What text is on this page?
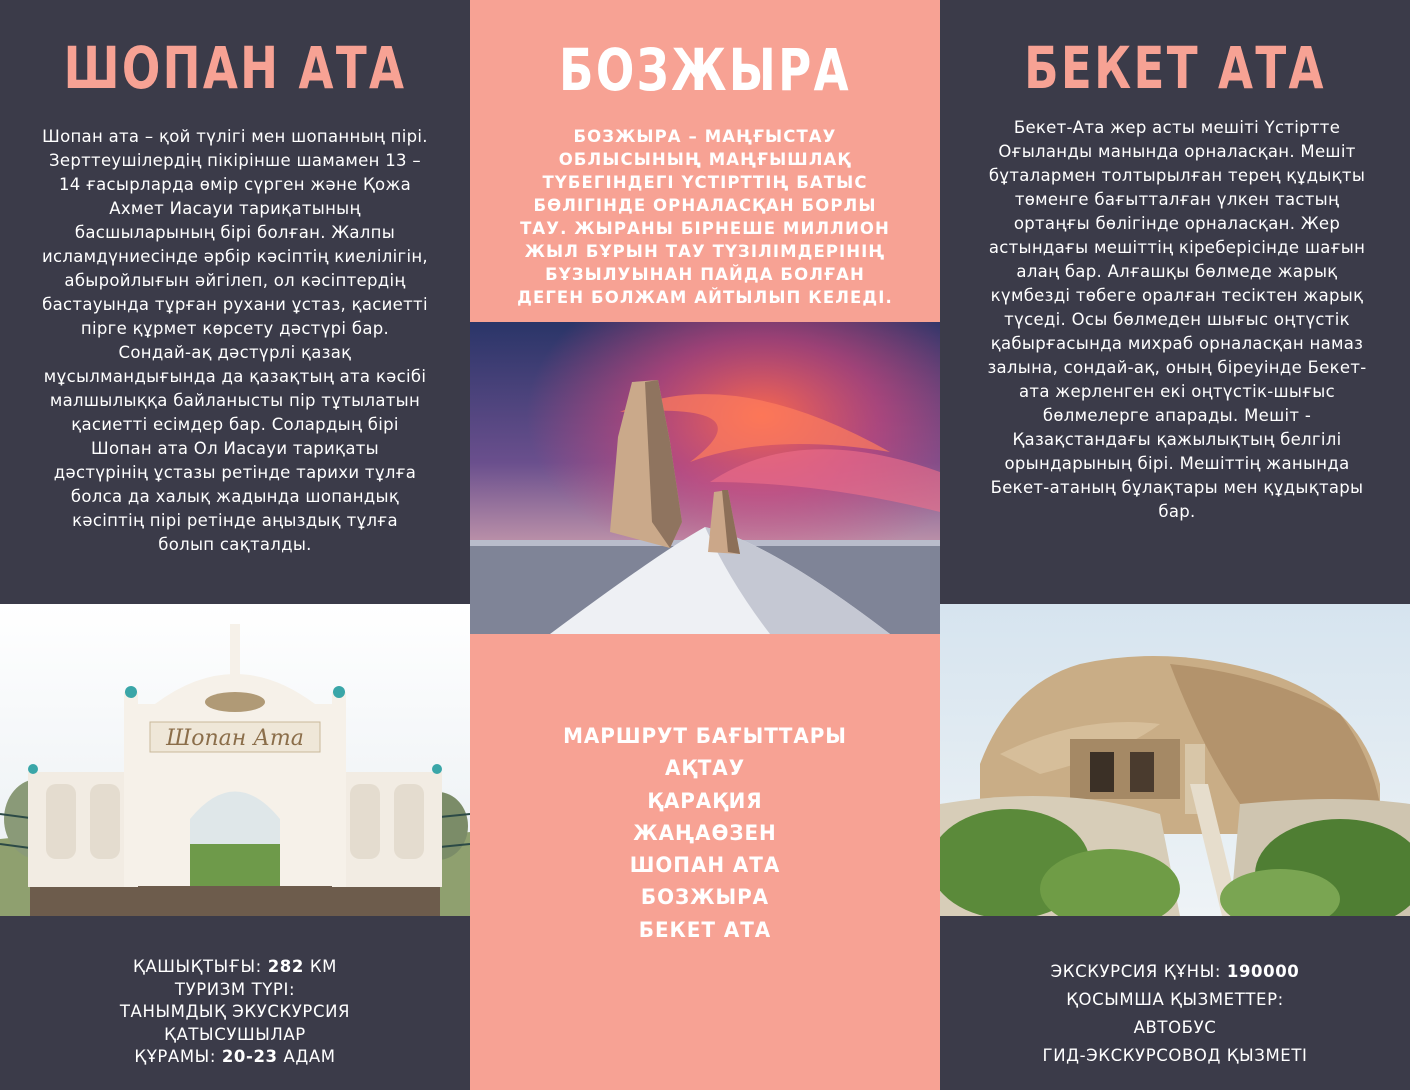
ШОПАН АТА

Шопан ата – қой түлігі мен шопанның пірі. Зерттеушілердің пікірінше шамамен 13 – 14 ғасырларда өмір сүрген және Қожа Ахмет Иасауи тариқатының басшыларының бірі болған. Жалпы исламдүниесінде әрбір кәсіптің киелілігін, абыройлығын әйгілеп, ол кәсіптердің бастауында тұрған рухани ұстаз, қасиетті пірге құрмет көрсету дәстүрі бар. Сондай-ақ дәстүрлі қазақ мұсылмандығында да қазақтың ата кәсібі малшылыққа байланысты пір тұтылатын қасиетті есімдер бар. Солардың бірі Шопан ата Ол Иасауи тариқаты дәстүрінің ұстазы ретінде тарихи тұлға болса да халық жадында шопандық кәсіптің пірі ретінде аңыздық тұлға болып сақталды.

Шопан Ата
ҚАШЫҚТЫҒЫ: 282 КМ
ТУРИЗМ ТҮРІ:
ТАНЫМДЫҚ ЭКУСКУРСИЯ
ҚАТЫСУШЫЛАР
ҚҰРАМЫ: 20-23 АДАМ
БОЗЖЫРА

БОЗЖЫРА – МАҢҒЫСТАУ ОБЛЫСЫНЫҢ МАҢҒЫШЛАҚ ТҮБЕГІНДЕГІ ҮСТІРТТІҢ БАТЫС БӨЛІГІНДЕ ОРНАЛАСҚАН БОРЛЫ ТАУ. ЖЫРАНЫ БІРНЕШЕ МИЛЛИОН ЖЫЛ БҰРЫН ТАУ ТҮЗІЛІМДЕРІНІҢ БҰЗЫЛУЫНАН ПАЙДА БОЛҒАН ДЕГЕН БОЛЖАМ АЙТЫЛЫП КЕЛЕДІ.

МАРШРУТ БАҒЫТТАРЫ
АҚТАУ
ҚАРАҚИЯ
ЖАҢАӨЗЕН
ШОПАН АТА
БОЗЖЫРА
БЕКЕТ АТА
БЕКЕТ АТА

Бекет-Ата жер асты мешіті Үстіртте Оғыланды манында орналасқан. Мешіт бұталармен толтырылған терең құдықты төменге бағытталған үлкен тастың ортаңғы бөлігінде орналасқан. Жер астындағы мешіттің кіреберісінде шағын алаң бар. Алғашқы бөлмеде жарық күмбезді төбеге оралған тесіктен жарық түседі. Осы бөлмеден шығыс оңтүстік қабырғасында михраб орналасқан намаз залына, сондай-ақ, оның біреуінде Бекет-ата жерленген екі оңтүстік-шығыс бөлмелерге апарады. Мешіт - Қазақстандағы қажылықтың белгілі орындарының бірі. Мешіттің жанында Бекет-атаның бұлақтары мен құдықтары бар.

ЭКСКУРСИЯ ҚҰНЫ: 190000
ҚОСЫМША ҚЫЗМЕТТЕР:
АВТОБУС
ГИД-ЭКСКУРСОВОД ҚЫЗМЕТІ
